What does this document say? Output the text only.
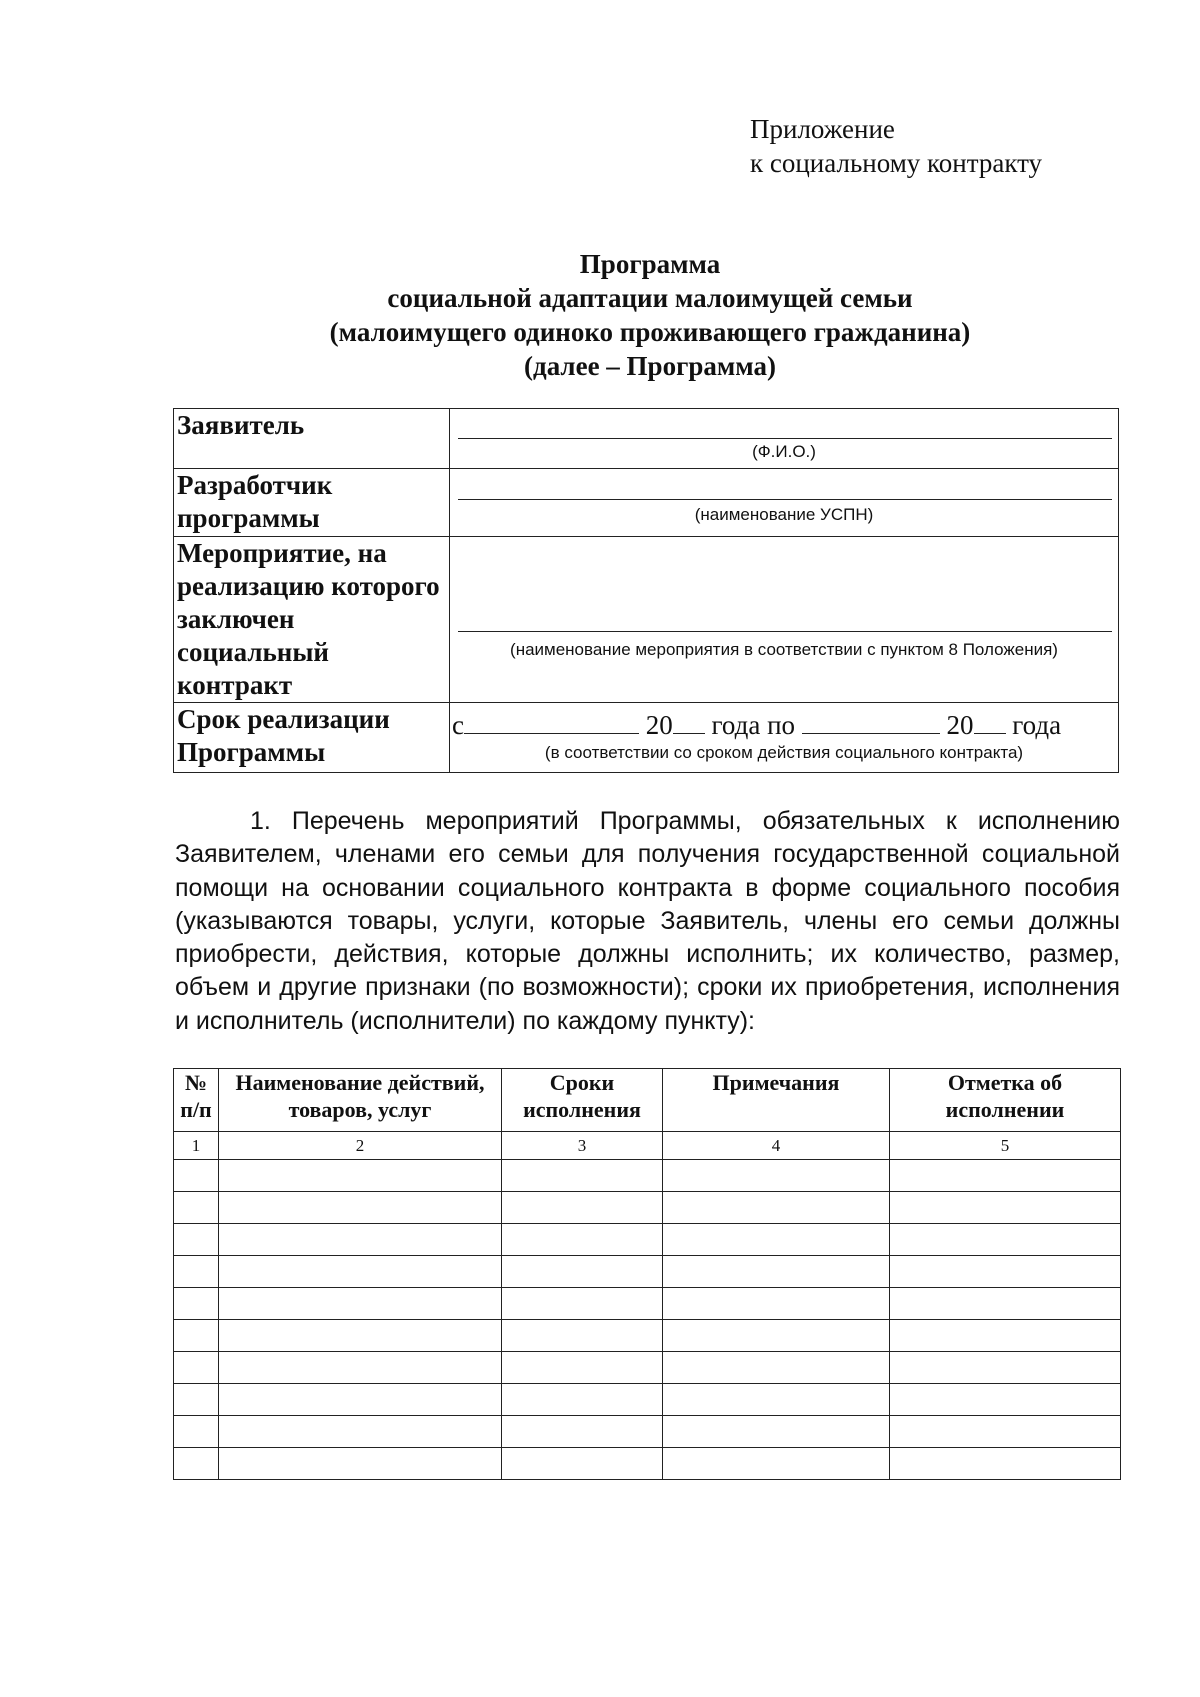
Приложение
к социальному контракту
Программа
социальной адаптации малоимущей семьи
(малоимущего одиноко проживающего гражданина)
(далее – Программа)
Заявитель	(Ф.И.О.)

Разработчик программы	(наименование УСПН)

Мероприятие, на реализацию которого заключен социальный контракт	(наименование мероприятия в соответствии с пунктом 8 Положения)

Срок реализации Программы	с 20 года по 20 года
(в соответствии со сроком действия социального контракта)
1. Перечень мероприятий Программы, обязательных к исполнению Заявителем, членами его семьи для получения государственной социальной помощи на основании социального контракта в форме социального пособия (указываются товары, услуги, которые Заявитель, члены его семьи должны приобрести, действия, которые должны исполнить; их количество, размер, объем и другие признаки (по возможности); сроки их приобретения, исполнения и исполнитель (исполнители) по каждому пункту):
№ п/п	Наименование действий, товаров, услуг	Сроки исполнения	Примечания	Отметка об исполнении
1	2	3	4	5
